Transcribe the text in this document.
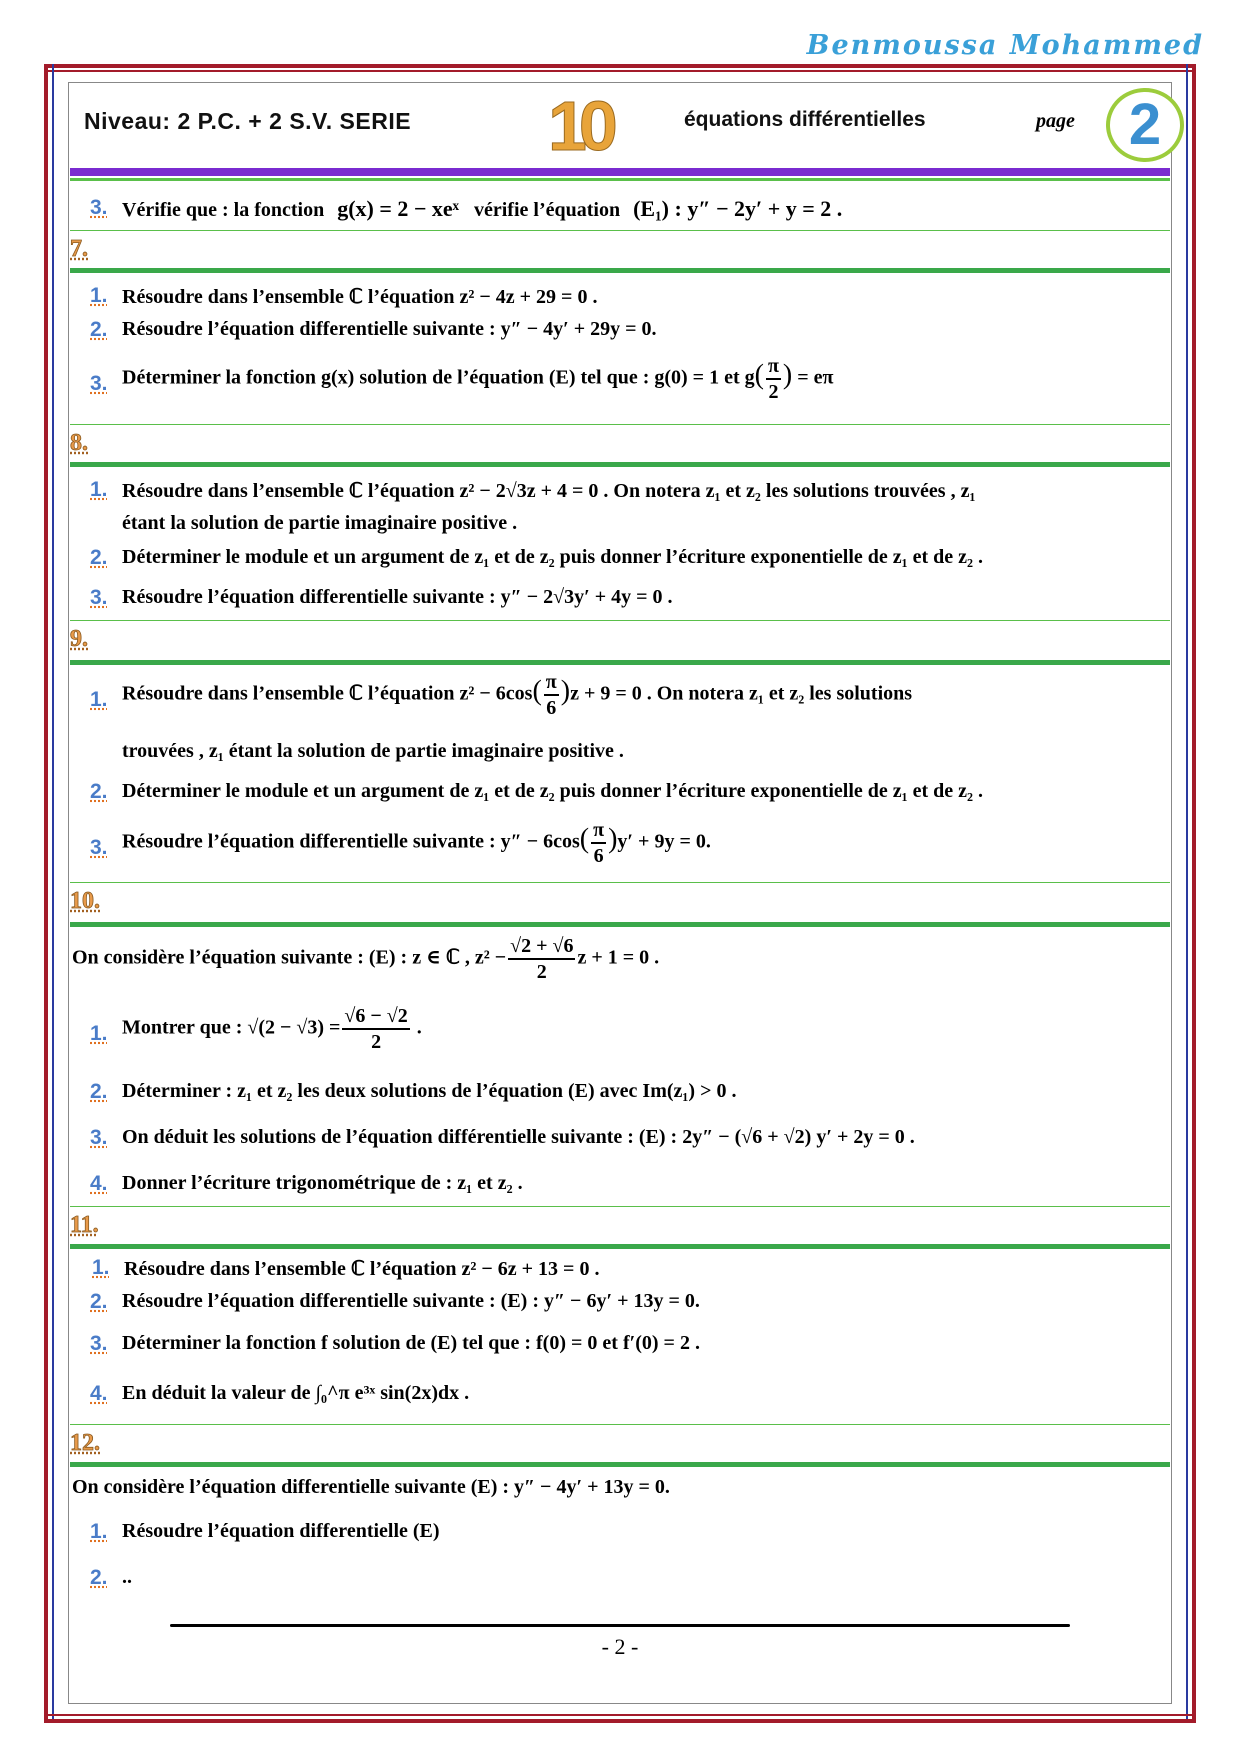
Benmoussa Mohammed
Niveau: 2 P.C. + 2 S.V. SERIE 10	équations différentielles	page 2
3. Vérifie que : la fonction g(x) = 2 − xeˣ vérifie l’équation (E₁) : y″ − 2y′ + y = 2 .
7.
1. Résoudre dans l’ensemble ℂ l’équation z² − 4z + 29 = 0 .
2. Résoudre l’équation differentielle suivante : y″ − 4y′ + 29y = 0.
3. Déterminer la fonction g(x) solution de l’équation (E) tel que : g(0) = 1 et $g( \frac{\pi}{2}$ ) = eπ
8.
1. Résoudre dans l’ensemble ℂ l’équation z² − 2√3z + 4 = 0 . On notera z₁ et z₂ les solutions trouvées , z₁
étant la solution de partie imaginaire positive .
2. Déterminer le module et un argument de z₁ et de z₂ puis donner l’écriture exponentielle de z₁ et de z₂ .
3. Résoudre l’équation differentielle suivante : y″ − 2√3y′ + 4y = 0 .
9.
1. Résoudre dans l’ensemble ℂ l’équation $z^2 - 6\cos( \frac{\pi}{6} )z + 9 = 0$ . On notera z₁ et z₂ les solutions
trouvées , z₁ étant la solution de partie imaginaire positive .
2. Déterminer le module et un argument de z₁ et de z₂ puis donner l’écriture exponentielle de z₁ et de z₂ .
3. Résoudre l’équation differentielle suivante : $y'' - 6\cos( \frac{\pi}{6} )y' + 9y = 0$.
10.
On considère l’équation suivante : (E) : z ∈ ℂ , $z^2 - \frac{√2 + √6}{2}$ z + 1 = 0 .
1. Montrer que : $√(2 - √3) = \frac{√6 - √2}{2}$ .
2. Déterminer : z₁ et z₂ les deux solutions de l’équation (E) avec Im(z₁) > 0 .
3. On déduit les solutions de l’équation différentielle suivante : (E) : 2y″ − (√6 + √2) y′ + 2y = 0 .
4. Donner l’écriture trigonométrique de : z₁ et z₂ .
11.
1. Résoudre dans l’ensemble ℂ l’équation z² − 6z + 13 = 0 .
2. Résoudre l’équation differentielle suivante : (E) : y″ − 6y′ + 13y = 0.
3. Déterminer la fonction f solution de (E) tel que : f(0) = 0 et f′(0) = 2 .
4. En déduit la valeur de ∫₀^π e³ˣ sin(2x)dx .
12.
On considère l’équation differentielle suivante (E) : y″ − 4y′ + 13y = 0.
1. Résoudre l’équation differentielle (E)
2. ..
- 2 -
